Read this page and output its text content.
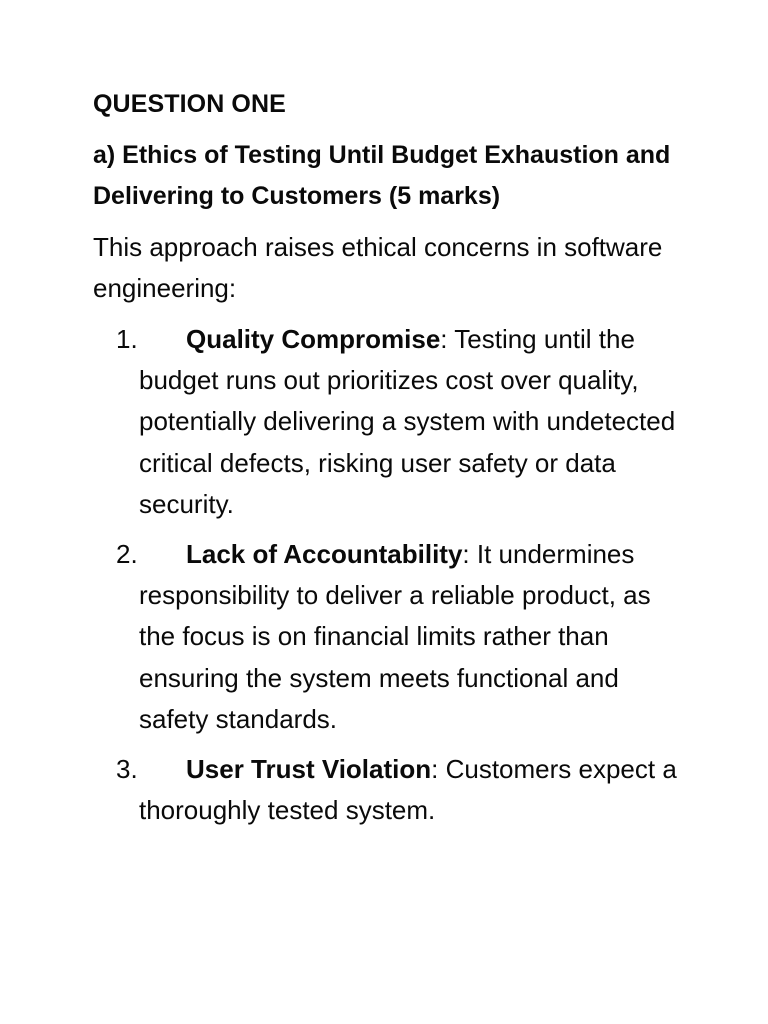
QUESTION ONE

a) Ethics of Testing Until Budget Exhaustion and Delivering to Customers (5 marks)

This approach raises ethical concerns in software engineering:

1. Quality Compromise: Testing until the budget runs out prioritizes cost over quality, potentially delivering a system with undetected critical defects, risking user safety or data security.
2. Lack of Accountability: It undermines responsibility to deliver a reliable product, as the focus is on financial limits rather than ensuring the system meets functional and safety standards.
3. User Trust Violation: Customers expect a thoroughly tested system.
